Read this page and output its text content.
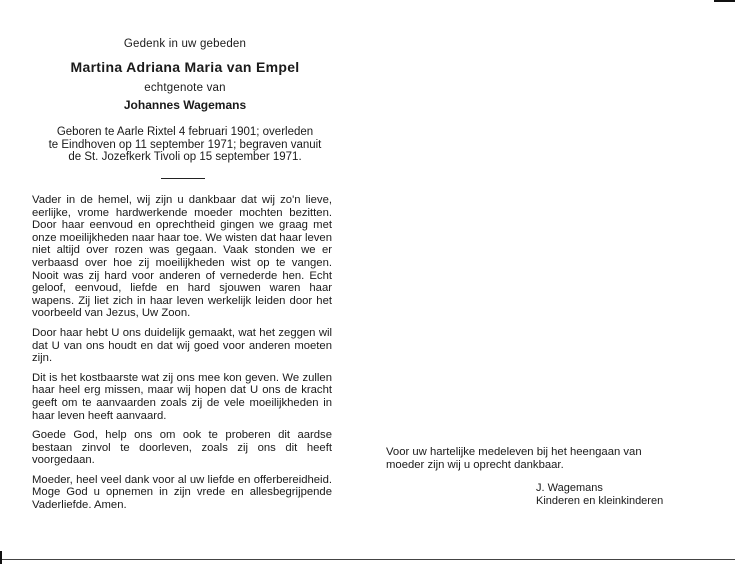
Gedenk in uw gebeden
Martina Adriana Maria van Empel
echtgenote van
Johannes Wagemans
Geboren te Aarle Rixtel 4 februari 1901; overleden
te Eindhoven op 11 september 1971; begraven vanuit
de St. Jozefkerk Tivoli op 15 september 1971.

Vader in de hemel, wij zijn u dankbaar dat wij zo'n lieve, eerlijke, vrome hardwerkende moeder mochten bezitten. Door haar eenvoud en oprechtheid gingen we graag met onze moeilijkheden naar haar toe. We wisten dat haar leven niet altijd over rozen was gegaan. Vaak stonden we er verbaasd over hoe zij moeilijkheden wist op te vangen. Nooit was zij hard voor anderen of vernederde hen. Echt geloof, eenvoud, liefde en hard sjouwen waren haar wapens. Zij liet zich in haar leven werkelijk leiden door het voorbeeld van Jezus, Uw Zoon.

Door haar hebt U ons duidelijk gemaakt, wat het zeggen wil dat U van ons houdt en dat wij goed voor anderen moeten zijn.

Dit is het kostbaarste wat zij ons mee kon geven. We zullen haar heel erg missen, maar wij hopen dat U ons de kracht geeft om te aanvaarden zoals zij de vele moeilijkheden in haar leven heeft aanvaard.

Goede God, help ons om ook te proberen dit aardse bestaan zinvol te doorleven, zoals zij ons dit heeft voorgedaan.

Moeder, heel veel dank voor al uw liefde en offerbereidheid. Moge God u opnemen in zijn vrede en allesbegrijpende Vaderliefde. Amen.

Voor uw hartelijke medeleven bij het heengaan van
moeder zijn wij u oprecht dankbaar.
J. Wagemans
Kinderen en kleinkinderen
